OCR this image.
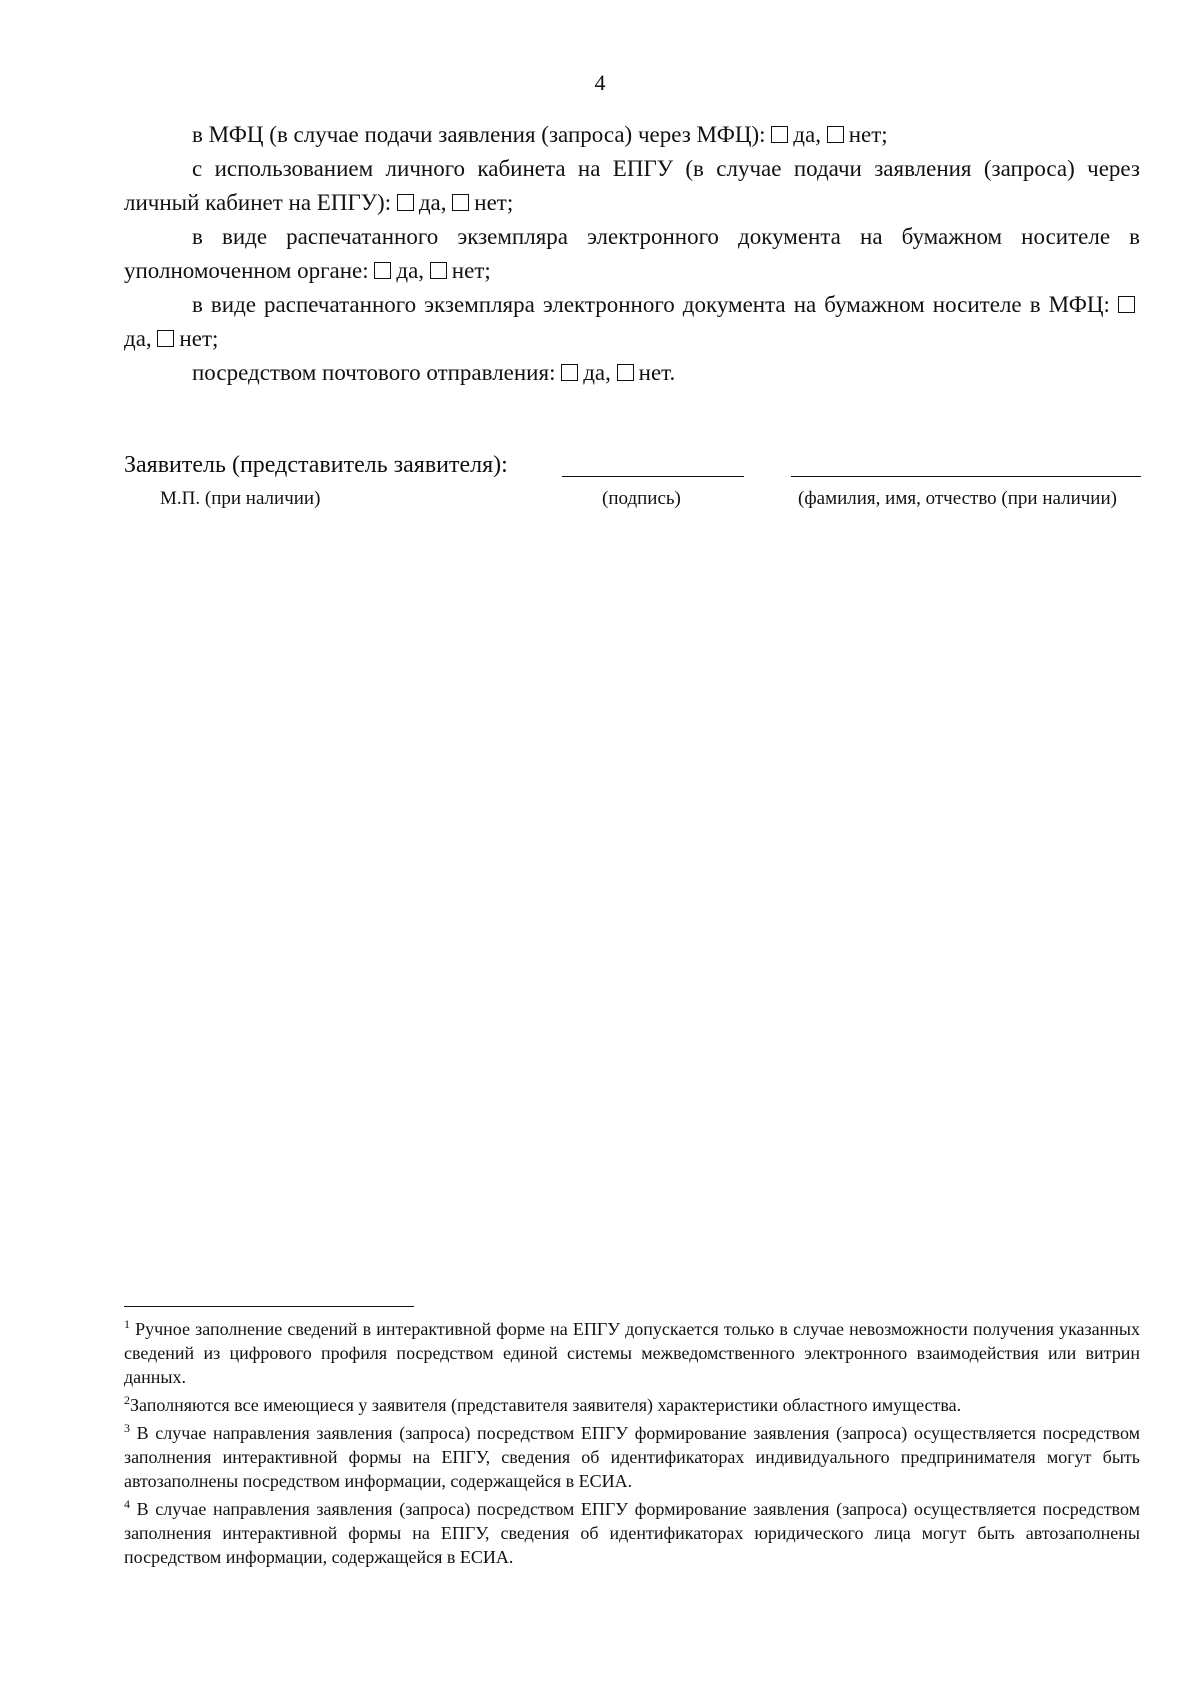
4

в МФЦ (в случае подачи заявления (запроса) через МФЦ): да, нет;

с использованием личного кабинета на ЕПГУ (в случае подачи заявления (запроса) через личный кабинет на ЕПГУ): да, нет;

в виде распечатанного экземпляра электронного документа на бумажном носителе в уполномоченном органе: да, нет;

в виде распечатанного экземпляра электронного документа на бумажном носителе в МФЦ: да, нет;

посредством почтового отправления: да, нет.

Заявитель (представитель заявителя):
М.П. (при наличии)	(подпись)	(фамилия, имя, отчество (при наличии)

$^1$ Ручное заполнение сведений в интерактивной форме на ЕПГУ допускается только в случае невозможности получения указанных сведений из цифрового профиля посредством единой системы межведомственного электронного взаимодействия или витрин данных.

$^2$Заполняются все имеющиеся у заявителя (представителя заявителя) характеристики областного имущества.

$^3$ В случае направления заявления (запроса) посредством ЕПГУ формирование заявления (запроса) осуществляется посредством заполнения интерактивной формы на ЕПГУ, сведения об идентификаторах индивидуального предпринимателя могут быть автозаполнены посредством информации, содержащейся в ЕСИА.

$^4$ В случае направления заявления (запроса) посредством ЕПГУ формирование заявления (запроса) осуществляется посредством заполнения интерактивной формы на ЕПГУ, сведения об идентификаторах юридического лица могут быть автозаполнены посредством информации, содержащейся в ЕСИА.
